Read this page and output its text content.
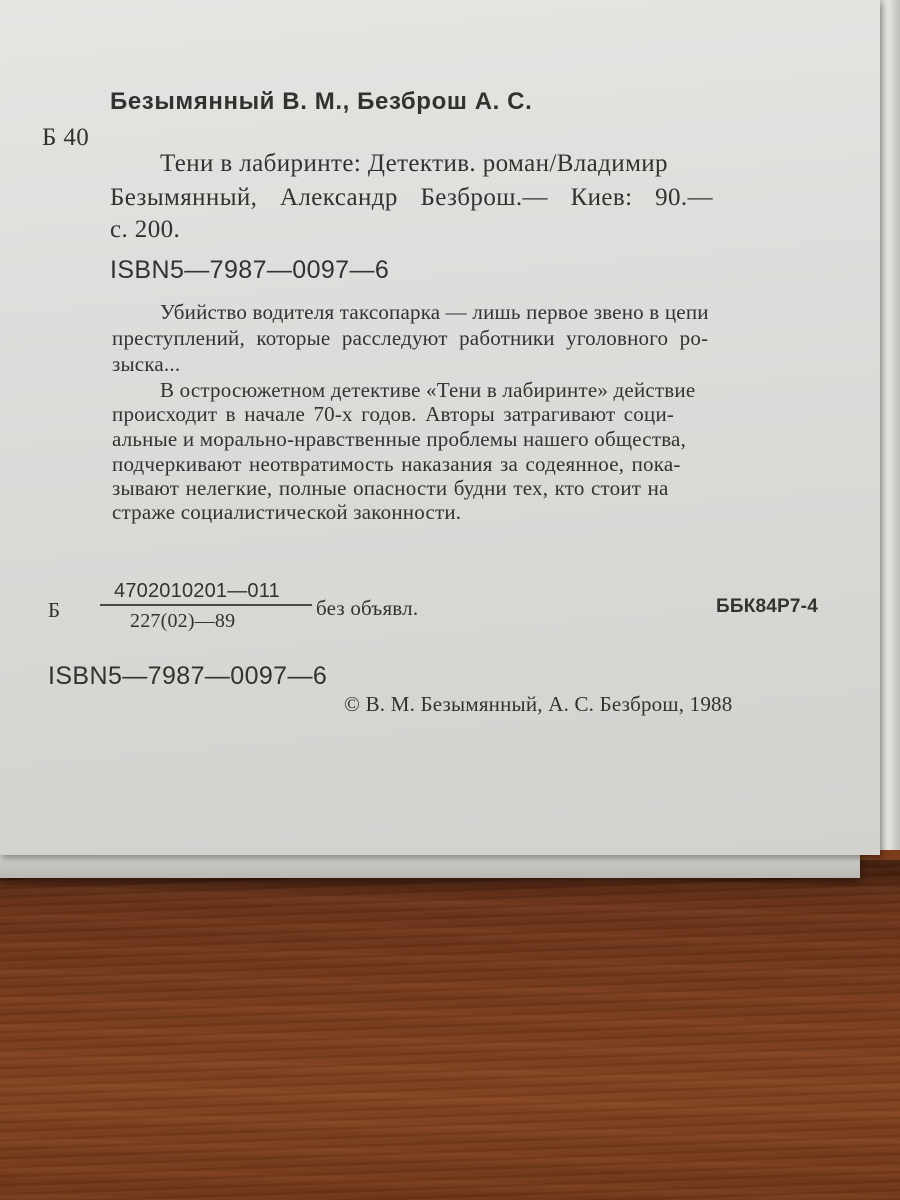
Безымянный В. М., Безброш А. С.
Б 40
Тени в лабиринте: Детектив. роман/Владимир
Безымянный, Александр Безброш.— Киев: 90.—
с. 200.
ISBN5—7987—0097—6
Убийство водителя таксопарка — лишь первое звено в цепи
преступлений, которые расследуют работники уголовного ро-
зыска...
В остросюжетном детективе «Тени в лабиринте» действие
происходит в начале 70-х годов. Авторы затрагивают соци-
альные и морально-нравственные проблемы нашего общества,
подчеркивают неотвратимость наказания за содеянное, пока-
зывают нелегкие, полные опасности будни тех, кто стоит на
страже социалистической законности.
Б
4702010201—011
227(02)—89
без объявл.	ББК84Р7-4
ISBN5—7987—0097—6
© В. М. Безымянный, А. С. Безброш, 1988
